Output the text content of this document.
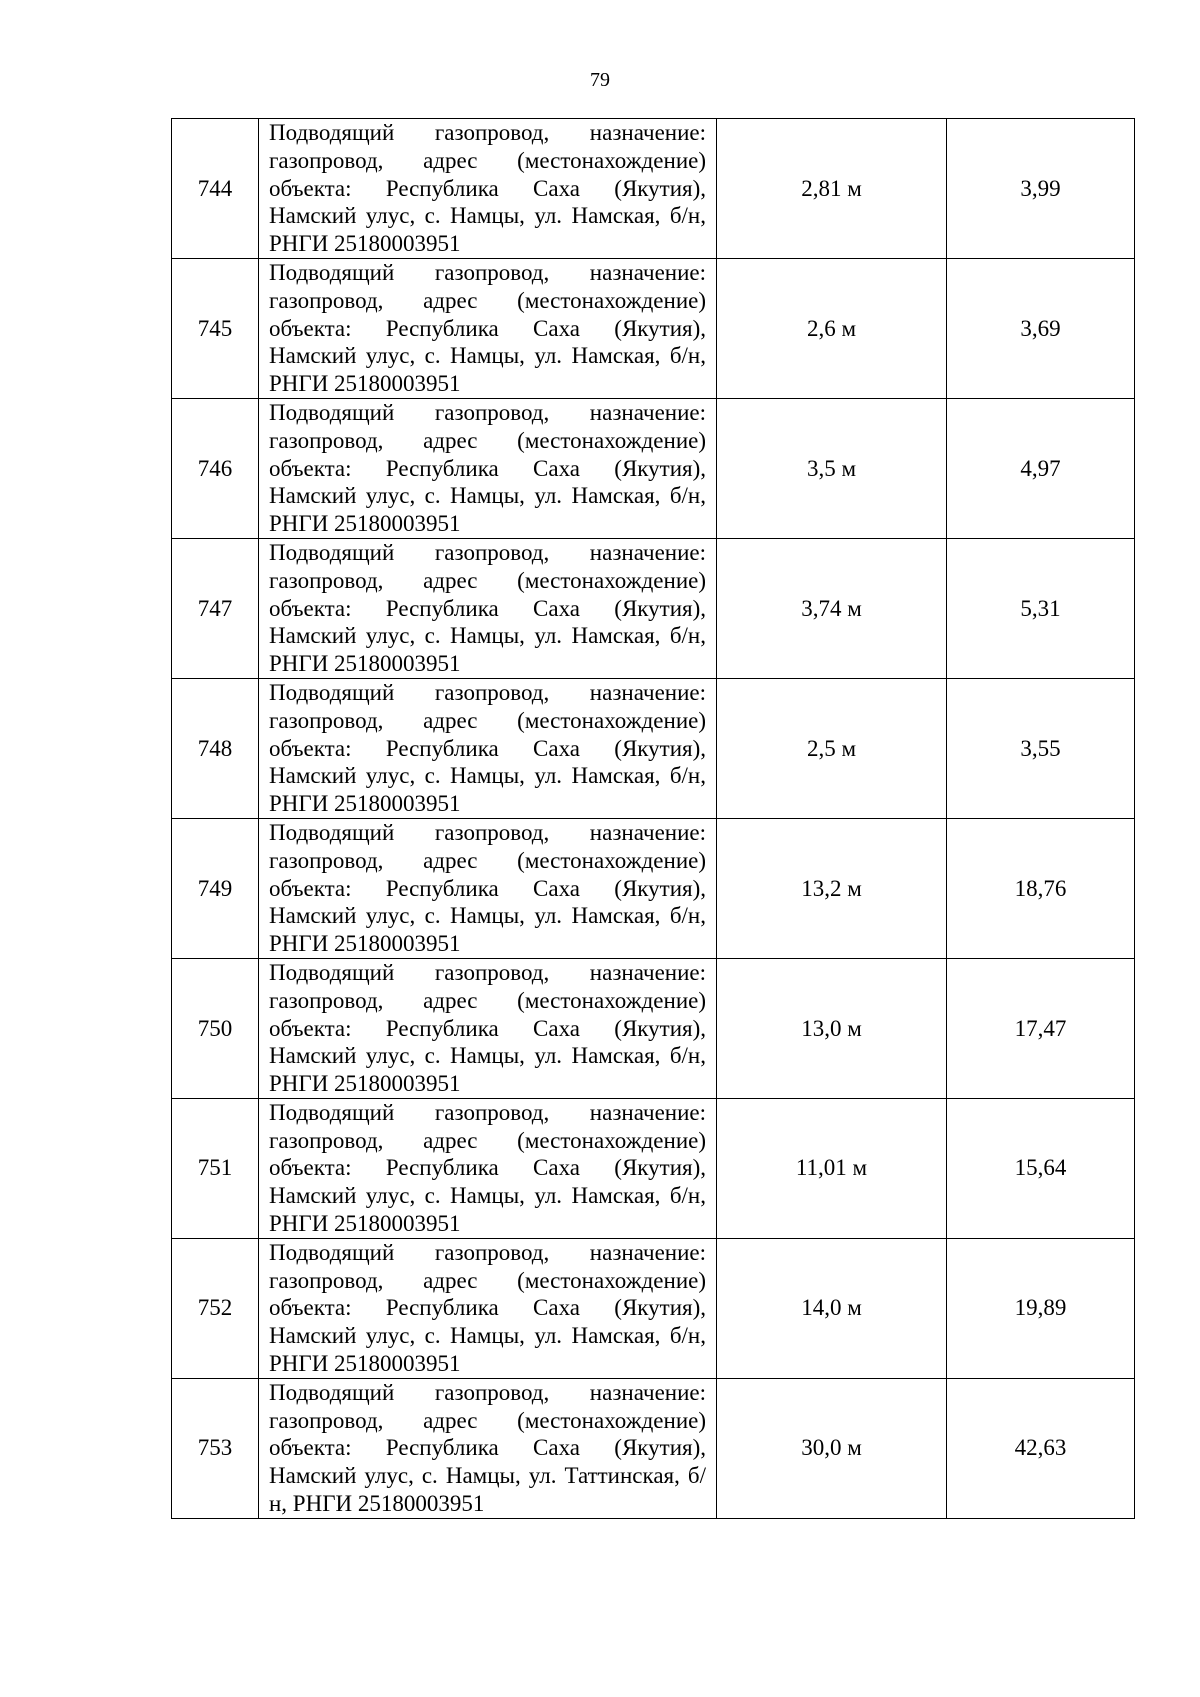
79
744	Подводящий газопровод, назначение: газопровод, адрес (местонахождение) объекта: Республика Саха (Якутия), Намский улус, с. Намцы, ул. Намская, б/н, РНГИ 25180003951	2,81 м	3,99
745	Подводящий газопровод, назначение: газопровод, адрес (местонахождение) объекта: Республика Саха (Якутия), Намский улус, с. Намцы, ул. Намская, б/н, РНГИ 25180003951	2,6 м	3,69
746	Подводящий газопровод, назначение: газопровод, адрес (местонахождение) объекта: Республика Саха (Якутия), Намский улус, с. Намцы, ул. Намская, б/н, РНГИ 25180003951	3,5 м	4,97
747	Подводящий газопровод, назначение: газопровод, адрес (местонахождение) объекта: Республика Саха (Якутия), Намский улус, с. Намцы, ул. Намская, б/н, РНГИ 25180003951	3,74 м	5,31
748	Подводящий газопровод, назначение: газопровод, адрес (местонахождение) объекта: Республика Саха (Якутия), Намский улус, с. Намцы, ул. Намская, б/н, РНГИ 25180003951	2,5 м	3,55
749	Подводящий газопровод, назначение: газопровод, адрес (местонахождение) объекта: Республика Саха (Якутия), Намский улус, с. Намцы, ул. Намская, б/н, РНГИ 25180003951	13,2 м	18,76
750	Подводящий газопровод, назначение: газопровод, адрес (местонахождение) объекта: Республика Саха (Якутия), Намский улус, с. Намцы, ул. Намская, б/н, РНГИ 25180003951	13,0 м	17,47
751	Подводящий газопровод, назначение: газопровод, адрес (местонахождение) объекта: Республика Саха (Якутия), Намский улус, с. Намцы, ул. Намская, б/н, РНГИ 25180003951	11,01 м	15,64
752	Подводящий газопровод, назначение: газопровод, адрес (местонахождение) объекта: Республика Саха (Якутия), Намский улус, с. Намцы, ул. Намская, б/н, РНГИ 25180003951	14,0 м	19,89
753	Подводящий газопровод, назначение: газопровод, адрес (местонахождение) объекта: Республика Саха (Якутия), Намский улус, с. Намцы, ул. Таттинская, б/н, РНГИ 25180003951	30,0 м	42,63
